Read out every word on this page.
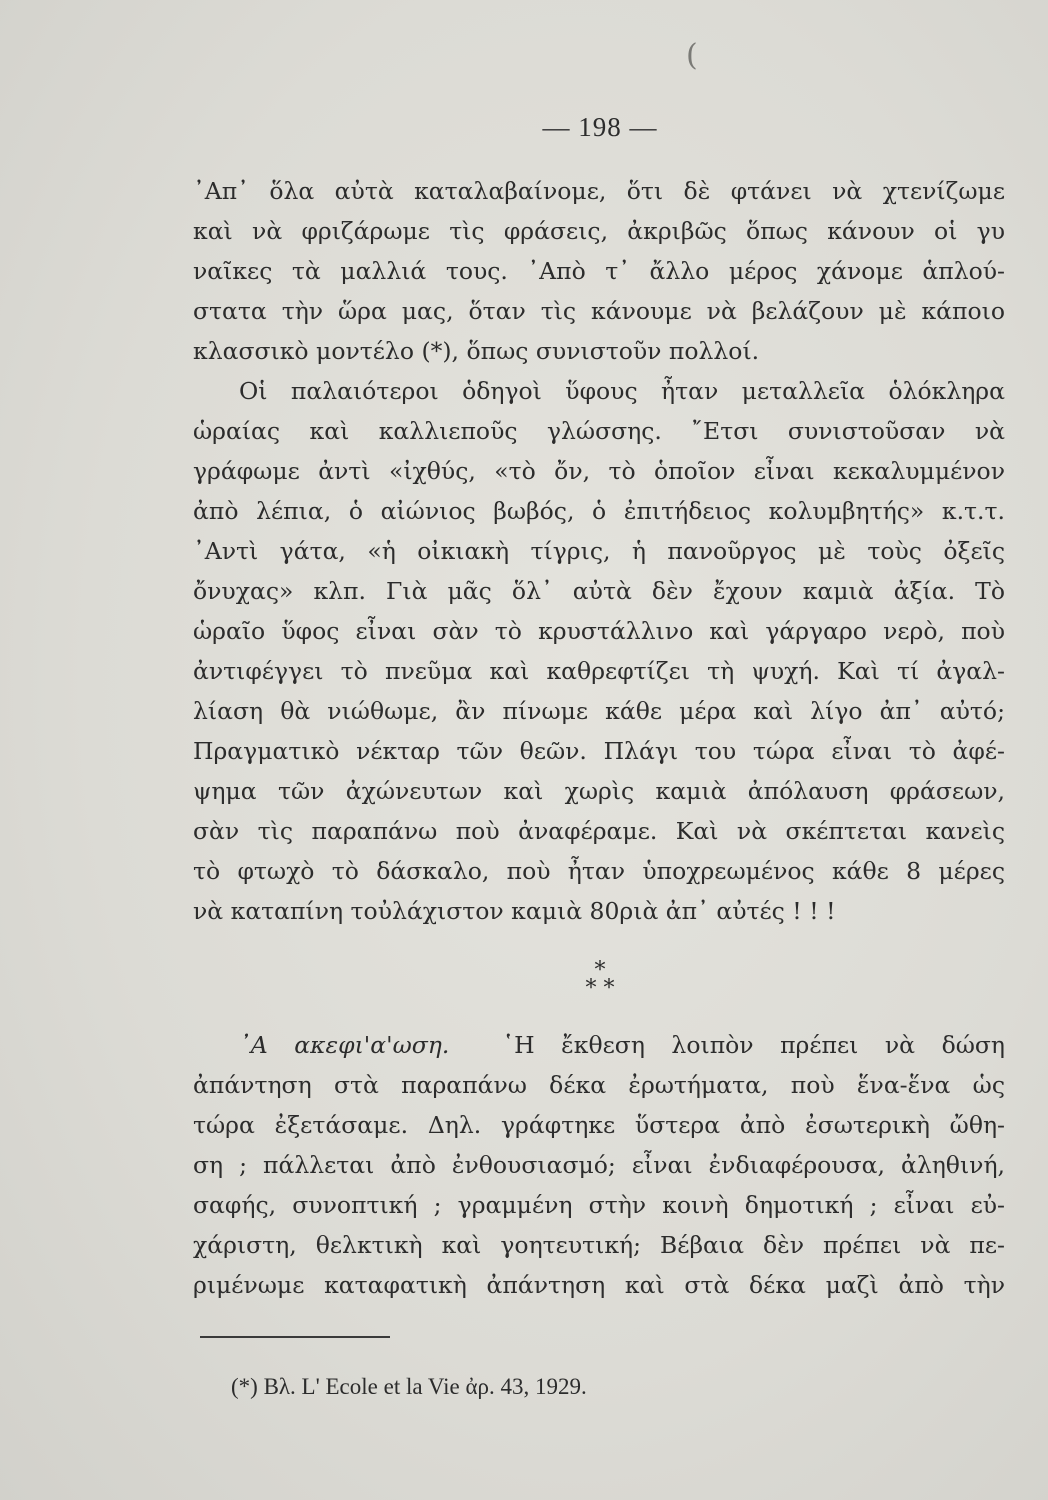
(
— 198 —
᾿Απ᾿ ὅλα αὐτὰ καταλαβαίνομε, ὅτι δὲ φτάνει νὰ χτενίζωμε
καὶ νὰ φριζάρωμε τὶς φράσεις, ἀκριβῶς ὅπως κάνουν οἱ γυ
ναῖκες τὰ μαλλιά τους. ᾿Απὸ τ᾿ ἄλλο μέρος χάνομε ἁπλού-
στατα τὴν ὥρα μας, ὅταν τὶς κάνουμε νὰ βελάζουν μὲ κάποιο
κλασσικὸ μοντέλο (*), ὅπως συνιστοῦν πολλοί.
Οἱ παλαιότεροι ὁδηγοὶ ὕφους ἦταν μεταλλεῖα ὁλόκληρα
ὡραίας καὶ καλλιεποῦς γλώσσης. ῎Ετσι συνιστοῦσαν νὰ
γράφωμε ἀντὶ «ἰχθύς, «τὸ ὄν, τὸ ὁποῖον εἶναι κεκαλυμμένον
ἀπὸ λέπια, ὁ αἰώνιος βωβός, ὁ ἐπιτήδειος κολυμβητής» κ.τ.τ.
᾿Αντὶ γάτα, «ἡ οἰκιακὴ τίγρις, ἡ πανοῦργος μὲ τοὺς ὀξεῖς
ὄνυχας» κλπ. Γιὰ μᾶς ὅλ᾿ αὐτὰ δὲν ἔχουν καμιὰ ἀξία. Τὸ
ὡραῖο ὕφος εἶναι σὰν τὸ κρυστάλλινο καὶ γάργαρο νερὸ, ποὺ
ἀντιφέγγει τὸ πνεῦμα καὶ καθρεφτίζει τὴ ψυχή. Καὶ τί ἀγαλ-
λίαση θὰ νιώθωμε, ἂν πίνωμε κάθε μέρα καὶ λίγο ἀπ᾿ αὐτό;
Πραγματικὸ νέκταρ τῶν θεῶν. Πλάγι του τώρα εἶναι τὸ ἀφέ-
ψημα τῶν ἀχώνευτων καὶ χωρὶς καμιὰ ἀπόλαυση φράσεων,
σὰν τὶς παραπάνω ποὺ ἀναφέραμε. Καὶ νὰ σκέπτεται κανεὶς
τὸ φτωχὸ τὸ δάσκαλο, ποὺ ἦταν ὑποχρεωμένος κάθε 8 μέρες
νὰ καταπίνη τοὐλάχιστον καμιὰ 80ριὰ ἀπ᾿ αὐτές ! ! !
*
* *
᾿Α ακεφι'α'ωση. ῾Η ἔκθεση λοιπὸν πρέπει νὰ δώση
ἀπάντηση στὰ παραπάνω δέκα ἐρωτήματα, ποὺ ἕνα-ἕνα ὡς
τώρα ἐξετάσαμε. Δηλ. γράφτηκε ὕστερα ἀπὸ ἐσωτερικὴ ὤθη-
ση ; πάλλεται ἀπὸ ἐνθουσιασμό; εἶναι ἐνδιαφέρουσα, ἀληθινή,
σαφής, συνοπτική ; γραμμένη στὴν κοινὴ δημοτική ; εἶναι εὐ-
χάριστη, θελκτικὴ καὶ γοητευτική; Βέβαια δὲν πρέπει νὰ πε-
ριμένωμε καταφατικὴ ἀπάντηση καὶ στὰ δέκα μαζὶ ἀπὸ τὴν
(*) Βλ. L' Ecole et la Vie ἀρ. 43, 1929.
